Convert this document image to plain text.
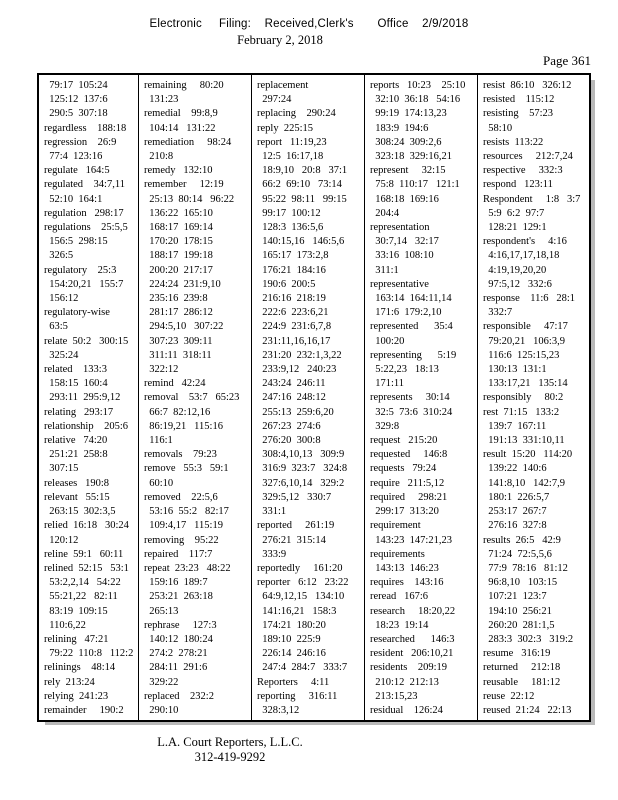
Electronic     Filing:    Received,Clerk's       Office    2/9/2018
February 2, 2018
Page 361
79:17  105:24
125:12  137:6
290:5  307:18
regardless    188:18
regression    26:9
77:4  123:16
regulate   164:5
regulated    34:7,11
52:10  164:1
regulation   298:17
regulations    25:5,5
156:5  298:15
326:5
regulatory    25:3
154:20,21   155:7
156:12
regulatory-wise
63:5
relate  50:2   300:15
325:24
related    133:3
158:15  160:4
293:11  295:9,12
relating   293:17
relationship    205:6
relative   74:20
251:21  258:8
307:15
releases   190:8
relevant   55:15
263:15  302:3,5
relied  16:18   30:24
120:12
reline  59:1   60:11
relined  52:15   53:1
53:2,2,14   54:22
55:21,22   82:11
83:19  109:15
110:6,22
relining   47:21
79:22  110:8   112:2
relinings    48:14
rely  213:24
relying  241:23
remainder     190:2
remaining     80:20
131:23
remedial    99:8,9
104:14   131:22
remediation     98:24
210:8
remedy   132:10
remember     12:19
25:13  80:14   96:22
136:22  165:10
168:17  169:14
170:20  178:15
188:17  199:18
200:20  217:17
224:24  231:9,10
235:16  239:8
281:17  286:12
294:5,10   307:22
307:23  309:11
311:11  318:11
322:12
remind   42:24
removal    53:7   65:23
66:7  82:12,16
86:19,21   115:16
116:1
removals    79:23
remove   55:3   59:1
60:10
removed    22:5,6
53:16  55:2   82:17
109:4,17   115:19
removing    95:22
repaired    117:7
repeat  23:23   48:22
159:16  189:7
253:21  263:18
265:13
rephrase     127:3
140:12  180:24
274:2  278:21
284:11  291:6
329:22
replaced    232:2
290:10
replacement
297:24
replacing    290:24
reply  225:15
report   11:19,23
12:5  16:17,18
18:9,10   20:8   37:1
66:2  69:10   73:14
95:22  98:11   99:15
99:17  100:12
128:3  136:5,6
140:15,16   146:5,6
165:17  173:2,8
176:21  184:16
190:6  200:5
216:16  218:19
222:6  223:6,21
224:9  231:6,7,8
231:11,16,16,17
231:20  232:1,3,22
233:9,12   240:23
243:24  246:11
247:16  248:12
255:13  259:6,20
267:23  274:6
276:20  300:8
308:4,10,13   309:9
316:9  323:7   324:8
327:6,10,14   329:2
329:5,12   330:7
331:1
reported     261:19
276:21  315:14
333:9
reportedly     161:20
reporter   6:12   23:22
64:9,12,15   134:10
141:16,21   158:3
174:21  180:20
189:10  225:9
226:14  246:16
247:4  284:7   333:7
Reporters     4:11
reporting     316:11
328:3,12
reports   10:23    25:10
32:10  36:18   54:16
99:19  174:13,23
183:9  194:6
308:24  309:2,6
323:18  329:16,21
represent     32:15
75:8  110:17   121:1
168:18  169:16
204:4
representation
30:7,14   32:17
33:16  108:10
311:1
representative
163:14  164:11,14
171:6  179:2,10
represented      35:4
100:20
representing      5:19
5:22,23   18:13
171:11
represents     30:14
32:5  73:6  310:24
329:8
request   215:20
requested     146:8
requests   79:24
require   211:5,12
required     298:21
299:17  313:20
requirement
143:23  147:21,23
requirements
143:13  146:23
requires    143:16
reread   167:6
research     18:20,22
18:23  19:14
researched      146:3
resident   206:10,21
residents    209:19
210:12  212:13
213:15,23
residual    126:24
resist  86:10   326:12
resisted    115:12
resisting    57:23
58:10
resists  113:22
resources     212:7,24
respective     332:3
respond   123:11
Respondent     1:8   3:7
5:9  6:2  97:7
128:21  129:1
respondent's     4:16
4:16,17,17,18,18
4:19,19,20,20
97:5,12   332:6
response    11:6   28:1
332:7
responsible     47:17
79:20,21   106:3,9
116:6  125:15,23
130:13  131:1
133:17,21   135:14
responsibly     80:2
rest  71:15   133:2
139:7  167:11
191:13  331:10,11
result  15:20   114:20
139:22  140:6
141:8,10   142:7,9
180:1  226:5,7
253:17  267:7
276:16  327:8
results  26:5   42:9
71:24  72:5,5,6
77:9  78:16   81:12
96:8,10   103:15
107:21  123:7
194:10  256:21
260:20  281:1,5
283:3  302:3   319:2
resume   316:19
returned     212:18
reusable     181:12
reuse  22:12
reused  21:24   22:13
L.A. Court Reporters, L.L.C.
312-419-9292
